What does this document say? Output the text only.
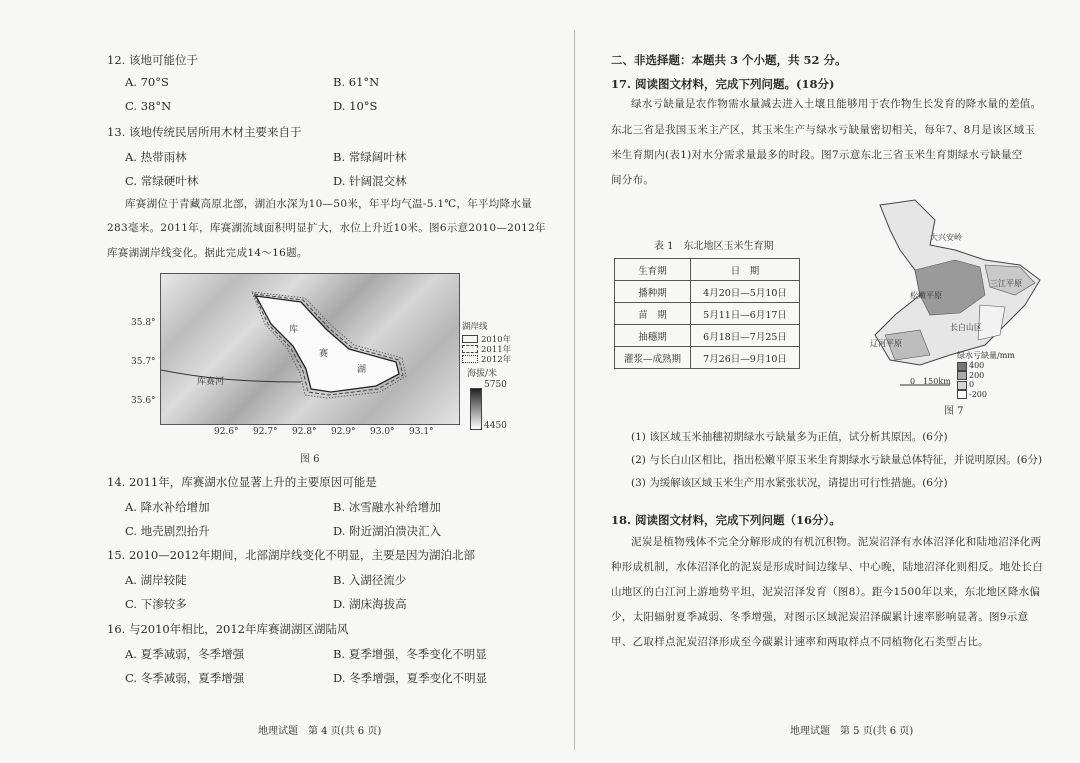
12. 该地可能位于
A. 70°S	B. 61°N
C. 38°N	D. 10°S
13. 该地传统民居所用木材主要来自于
A. 热带雨林	B. 常绿阔叶林
C. 常绿硬叶林	D. 针阔混交林
库赛湖位于青藏高原北部，湖泊水深为10—50米，年平均气温-5.1℃，年平均降水量
283毫米。2011年，库赛湖流域面积明显扩大，水位上升近10米。图6示意2010—2012年
库赛湖湖岸线变化。据此完成14～16题。
库
赛
湖
库赛河
35.8°
35.7°
35.6°
92.6° 92.7° 92.8° 92.9° 93.0° 93.1°
湖岸线
2010年
2011年
2012年
海拔/米
5750
4450
图 6
14. 2011年，库赛湖水位显著上升的主要原因可能是
A. 降水补给增加	B. 冰雪融水补给增加
C. 地壳剧烈抬升	D. 附近湖泊溃决汇入
15. 2010—2012年期间，北部湖岸线变化不明显，主要是因为湖泊北部
A. 湖岸较陡	B. 入湖径流少
C. 下渗较多	D. 湖床海拔高
16. 与2010年相比，2012年库赛湖湖区湖陆风
A. 夏季减弱，冬季增强	B. 夏季增强，冬季变化不明显
C. 冬季减弱，夏季增强	D. 冬季增强，夏季变化不明显
地理试题　第 4 页(共 6 页)
二、非选择题：本题共 3 个小题，共 52 分。
17. 阅读图文材料，完成下列问题。(18分)
绿水亏缺量是农作物需水量减去进入土壤且能够用于农作物生长发育的降水量的差值。
东北三省是我国玉米主产区，其玉米生产与绿水亏缺量密切相关，每年7、8月是该区域玉
米生育期内(表1)对水分需求量最多的时段。图7示意东北三省玉米生育期绿水亏缺量空
间分布。
表 1　东北地区玉米生育期
生育期	日　期
播种期	4月20日—5月10日
苗　期	5月11日—6月17日
抽穗期	6月18日—7月25日
灌浆—成熟期	7月26日—9月10日
大兴安岭
松嫩平原
三江平原
长白山区
辽河平原
绿水亏缺量/mm
400
200
0
-200
0　150km
图 7
(1) 该区域玉米抽穗初期绿水亏缺量多为正值，试分析其原因。(6分)
(2) 与长白山区相比，指出松嫩平原玉米生育期绿水亏缺量总体特征，并说明原因。(6分)
(3) 为缓解该区域玉米生产用水紧张状况，请提出可行性措施。(6分)
18. 阅读图文材料，完成下列问题（16分）。
泥炭是植物残体不完全分解形成的有机沉积物。泥炭沼泽有水体沼泽化和陆地沼泽化两
种形成机制，水体沼泽化的泥炭是形成时间边缘早、中心晚，陆地沼泽化则相反。地处长白
山地区的白江河上游地势平坦，泥炭沼泽发育（图8）。距今1500年以来，东北地区降水偏
少，太阳辐射夏季减弱、冬季增强，对图示区域泥炭沼泽碳累计速率影响显著。图9示意
甲、乙取样点泥炭沼泽形成至今碳累计速率和两取样点不同植物化石类型占比。
地理试题　第 5 页(共 6 页)
